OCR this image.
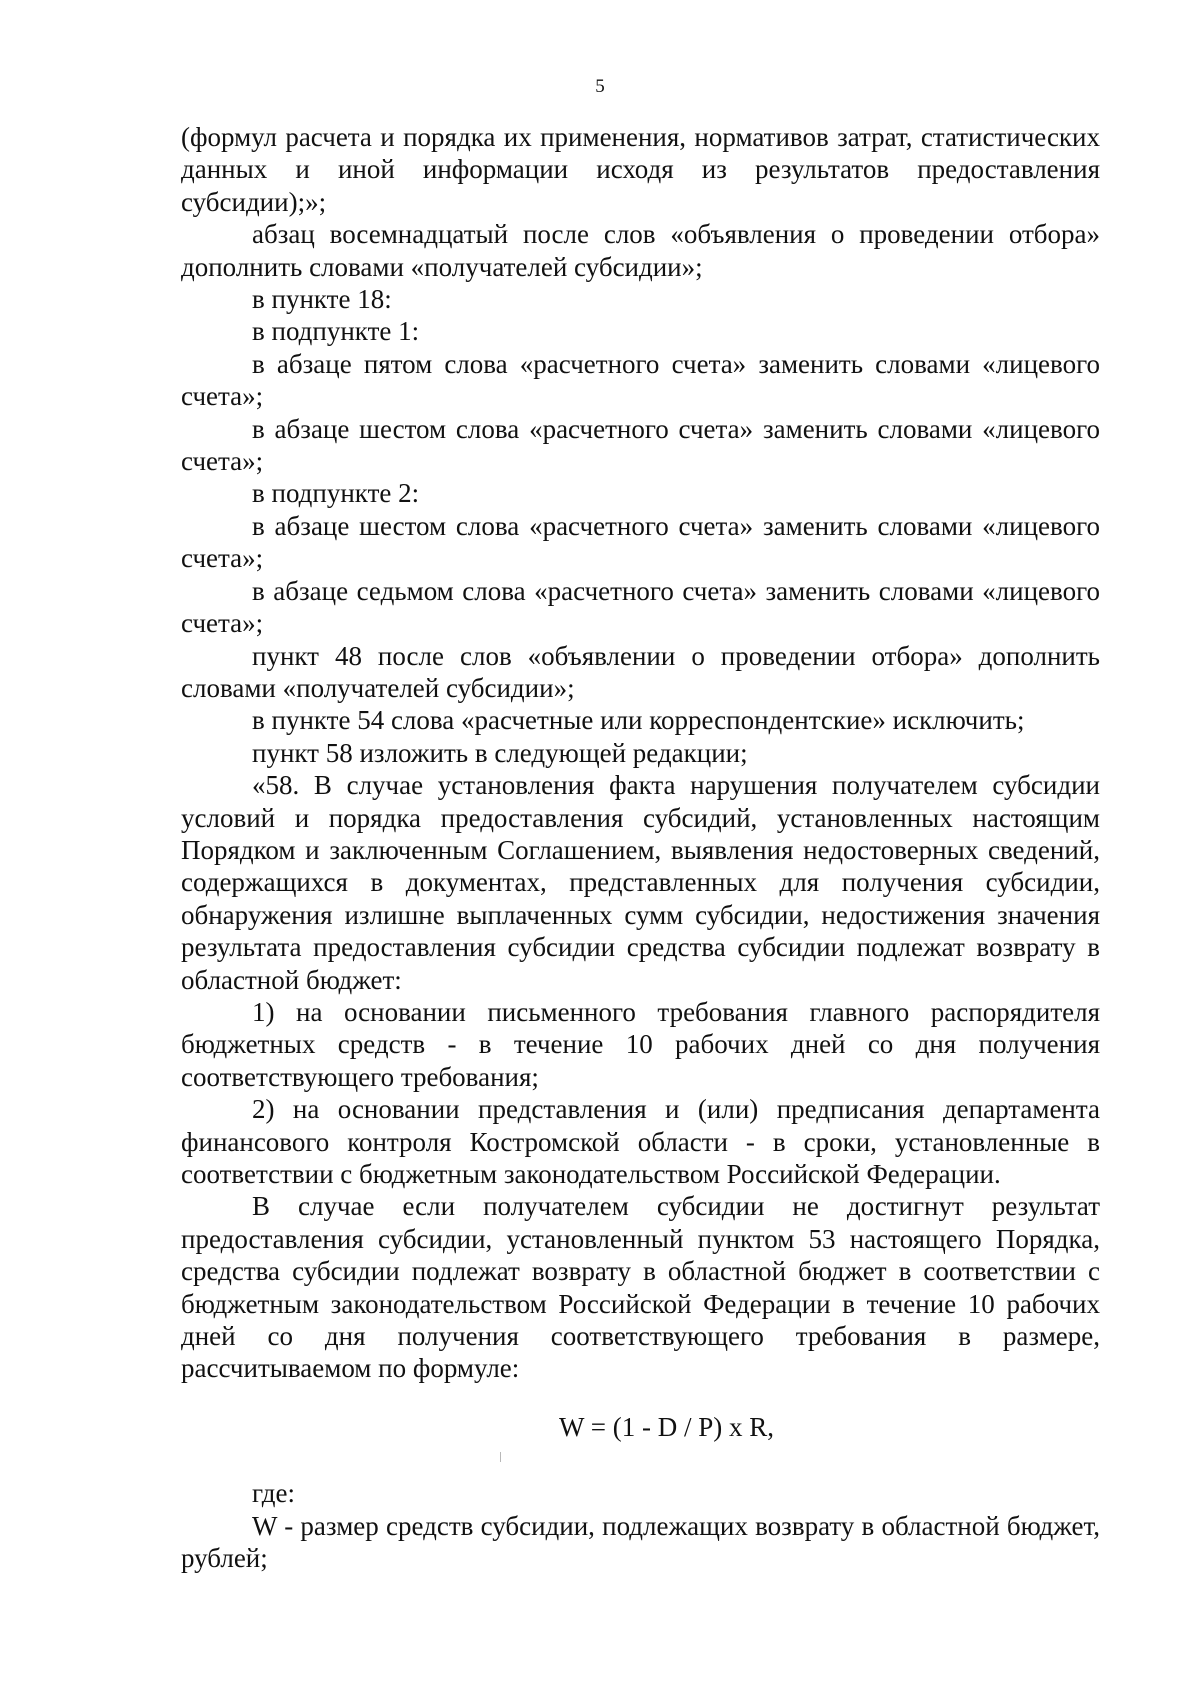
5

(формул расчета и порядка их применения, нормативов затрат, статистических данных и иной информации исходя из результатов предоставления субсидии);»;

абзац восемнадцатый после слов «объявления о проведении отбора» дополнить словами «получателей субсидии»;

в пункте 18:

в подпункте 1:

в абзаце пятом слова «расчетного счета» заменить словами «лицевого счета»;

в абзаце шестом слова «расчетного счета» заменить словами «лицевого счета»;

в подпункте 2:

в абзаце шестом слова «расчетного счета» заменить словами «лицевого счета»;

в абзаце седьмом слова «расчетного счета» заменить словами «лицевого счета»;

пункт 48 после слов «объявлении о проведении отбора» дополнить словами «получателей субсидии»;

в пункте 54 слова «расчетные или корреспондентские» исключить;

пункт 58 изложить в следующей редакции;

«58. В случае установления факта нарушения получателем субсидии условий и порядка предоставления субсидий, установленных настоящим Порядком и заключенным Соглашением, выявления недостоверных сведений, содержащихся в документах, представленных для получения субсидии, обнаружения излишне выплаченных сумм субсидии, недостижения значения результата предоставления субсидии средства субсидии подлежат возврату в областной бюджет:

1) на основании письменного требования главного распорядителя бюджетных средств - в течение 10 рабочих дней со дня получения соответствующего требования;

2) на основании представления и (или) предписания департамента финансового контроля Костромской области - в сроки, установленные в соответствии с бюджетным законодательством Российской Федерации.

В случае если получателем субсидии не достигнут результат предоставления субсидии, установленный пунктом 53 настоящего Порядка, средства субсидии подлежат возврату в областной бюджет в соответствии с бюджетным законодательством Российской Федерации в течение 10 рабочих дней со дня получения соответствующего требования в размере, рассчитываемом по формуле:

W = (1 - D / P) x R,

где:

W - размер средств субсидии, подлежащих возврату в областной бюджет, рублей;
